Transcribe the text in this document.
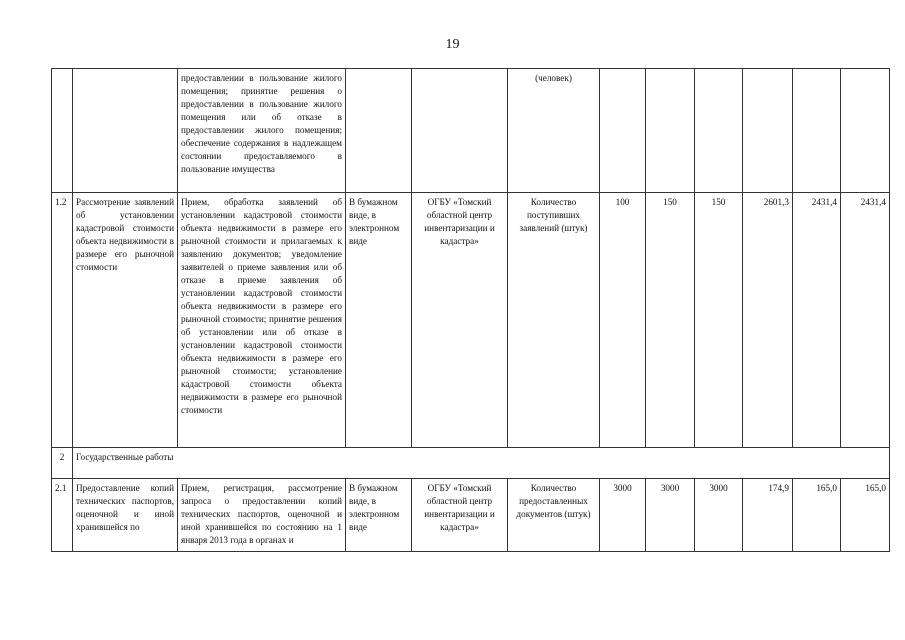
19
		предоставлении в пользование жилого помещения; принятие решения о предоставлении в пользование жилого помещения или об отказе в предоставлении жилого помещения; обеспечение содержания в надлежащем состоянии предоставляемого в пользование имущества			(человек)						
1.2	Рассмотрение заявлений об установлении кадастровой стоимости объекта недвижимости в размере его рыночной стоимости	Прием, обработка заявлений об установлении кадастровой стоимости объекта недвижимости в размере его рыночной стоимости и прилагаемых к заявлению документов; уведомление заявителей о приеме заявления или об отказе в приеме заявления об установлении кадастровой стоимости объекта недвижимости в размере его рыночной стоимости; принятие решения об установлении или об отказе в установлении кадастровой стоимости объекта недвижимости в размере его рыночной стоимости; установление кадастровой стоимости объекта недвижимости в размере его рыночной стоимости	В бумажном виде, в электронном виде	ОГБУ «Томский областной центр инвентаризации и кадастра»	Количество поступивших заявлений (штук)	100	150	150	2601,3	2431,4	2431,4
2	Государственные работы										
2.1	Предоставление копий технических паспортов, оценочной и иной хранившейся по	Прием, регистрация, рассмотрение запроса о предоставлении копий технических паспортов, оценочной и иной хранившейся по состоянию на 1 января 2013 года в органах и	В бумажном виде, в электронном виде	ОГБУ «Томский областной центр инвентаризации и кадастра»	Количество предоставленных документов (штук)	3000	3000	3000	174,9	165,0	165,0
